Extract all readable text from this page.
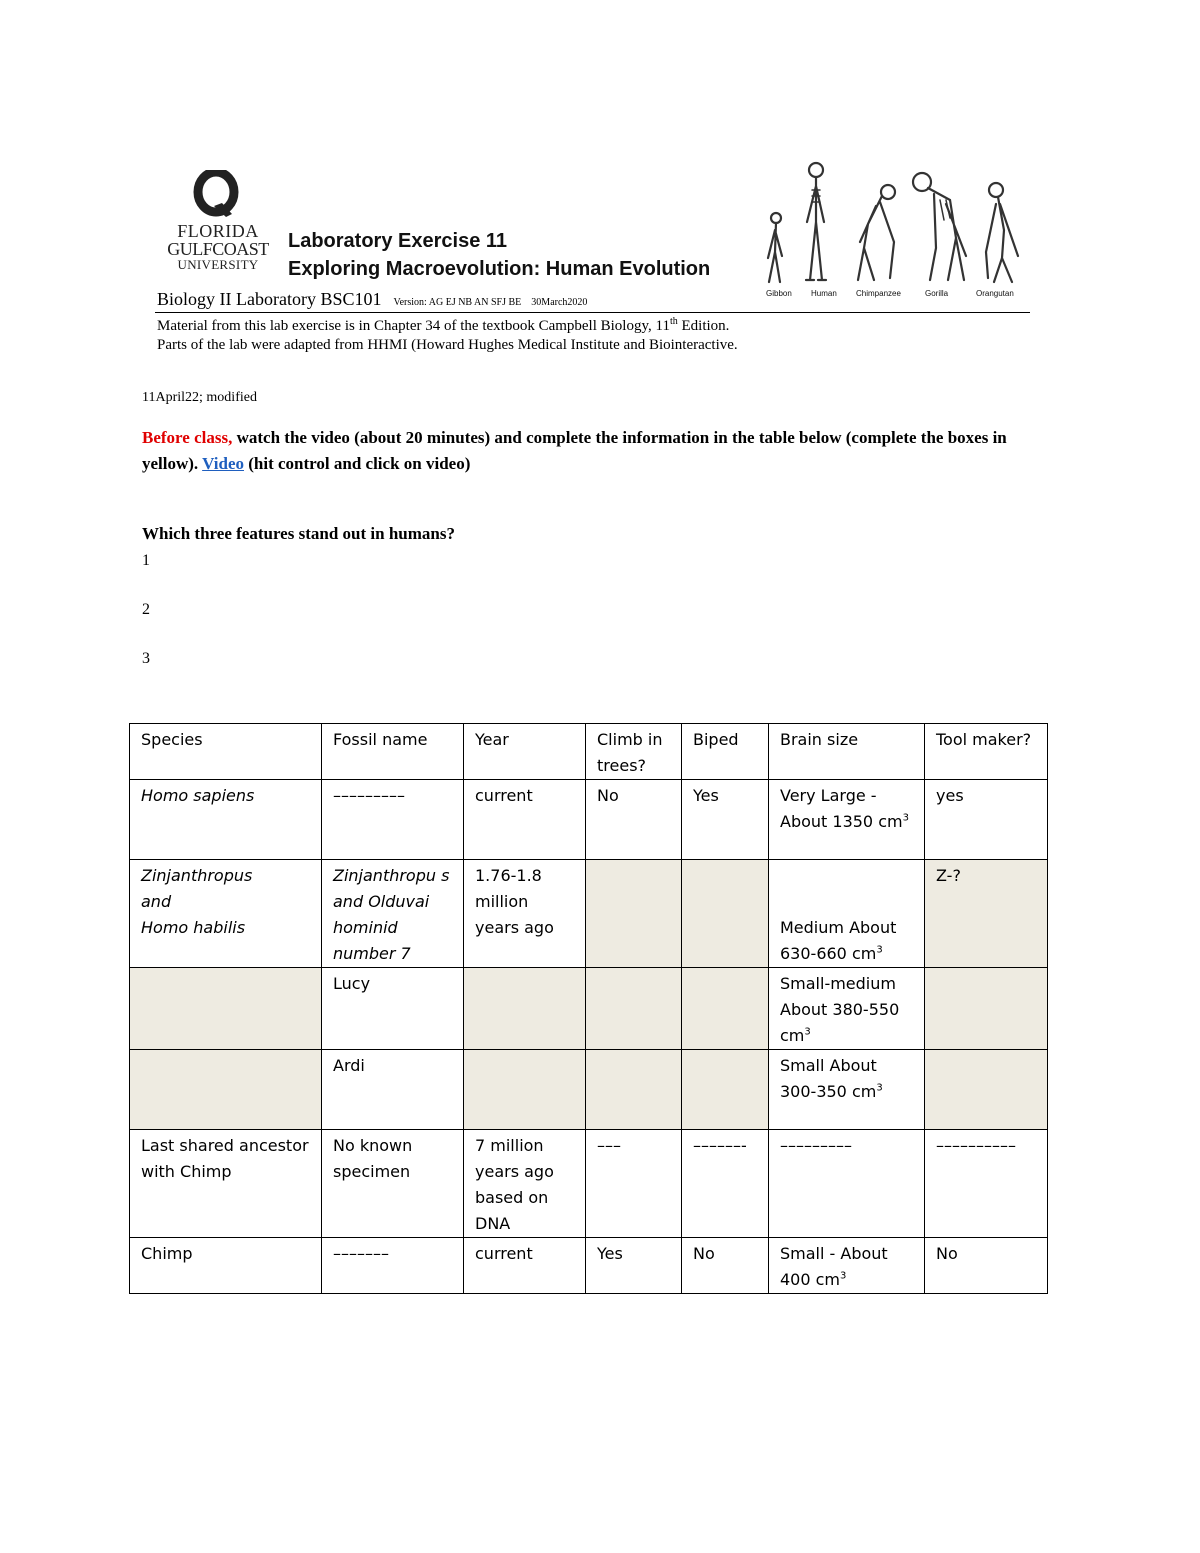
FLORIDA
GULFCOAST
UNIVERSITY
Laboratory Exercise 11
Exploring Macroevolution: Human Evolution
Biology II Laboratory BSC101 Version: AG EJ NB AN SFJ BE 30March2020
Gibbon Human Chimpanzee	Gorilla	Orangutan
Material from this lab exercise is in Chapter 34 of the textbook Campbell Biology, 11th Edition.
Parts of the lab were adapted from HHMI (Howard Hughes Medical Institute and Biointeractive.
11April22; modified
Before class, watch the video (about 20 minutes) and complete the information in the table below (complete the boxes in yellow). Video (hit control and click on video)
Which three features stand out in humans?
1
2
3
Species	Fossil name	Year	Climb in trees?	Biped	Brain size	Tool maker?
Homo sapiens	–––––––––	current	No	Yes	Very Large - About 1350 $cm^3$	yes
Zinjanthropus
and
Homo habilis	Zinjanthropu s and Olduvai hominid number 7	1.76-1.8 million years ago			Medium About 630-660 $cm^3$	Z-?
	Lucy				Small-medium About 380-550 $cm^3$	
	Ardi				Small About 300-350 $cm^3$	
Last shared ancestor with Chimp	No known specimen	7 million years ago based on DNA	–––	––––––-	–––––––––	––––––––––
Chimp	–––––––	current	Yes	No	Small - About 400 $cm^3$	No
